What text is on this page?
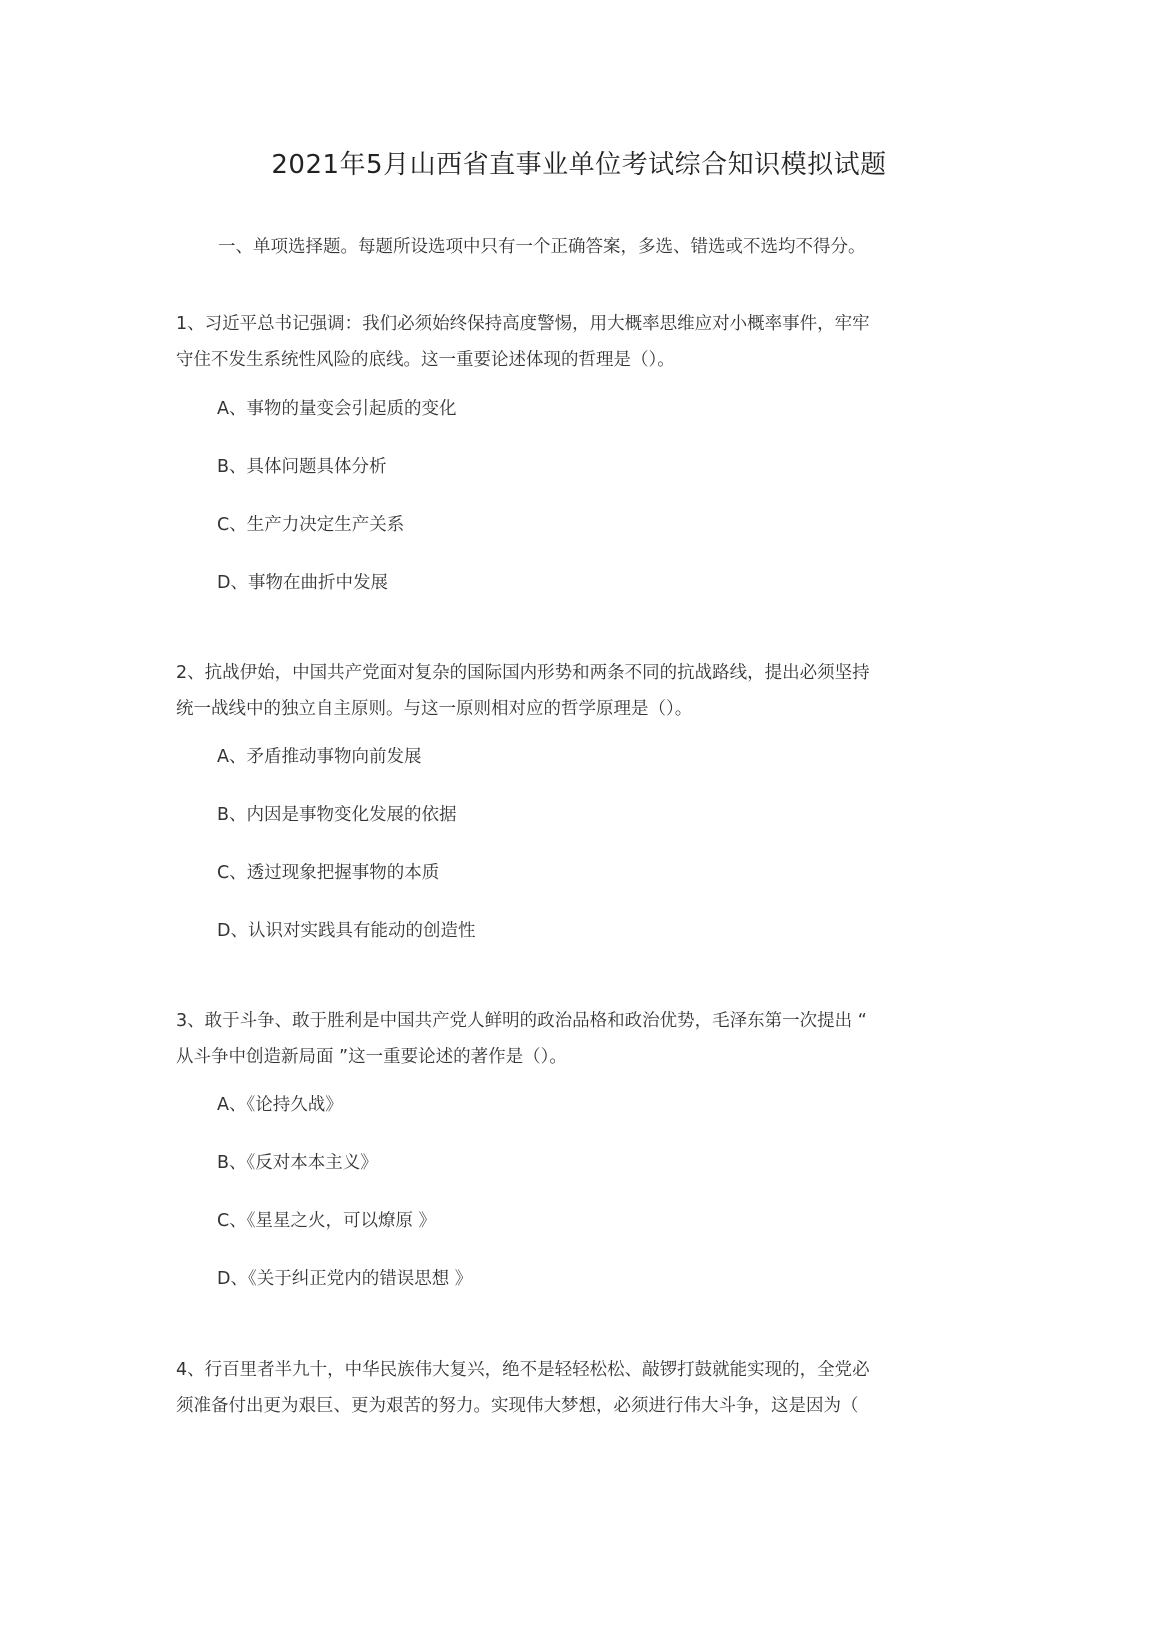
2021年5月山西省直事业单位考试综合知识模拟试题
一、单项选择题。每题所设选项中只有一个正确答案，多选、错选或不选均不得分。
1、习近平总书记强调：我们必须始终保持高度警惕，用大概率思维应对小概率事件，牢牢
守住不发生系统性风险的底线。这一重要论述体现的哲理是（）。
A、事物的量变会引起质的变化
B、具体问题具体分析
C、生产力决定生产关系
D、事物在曲折中发展
2、抗战伊始，中国共产党面对复杂的国际国内形势和两条不同的抗战路线，提出必须坚持
统一战线中的独立自主原则。与这一原则相对应的哲学原理是（）。
A、矛盾推动事物向前发展
B、内因是事物变化发展的依据
C、透过现象把握事物的本质
D、认识对实践具有能动的创造性
3、敢于斗争、敢于胜利是中国共产党人鲜明的政治品格和政治优势，毛泽东第一次提出 “
从斗争中创造新局面 ”这一重要论述的著作是（）。
A、《论持久战》
B、《反对本本主义》
C、《星星之火，可以燎原 》
D、《关于纠正党内的错误思想 》
4、行百里者半九十，中华民族伟大复兴，绝不是轻轻松松、敲锣打鼓就能实现的，全党必
须准备付出更为艰巨、更为艰苦的努力。实现伟大梦想，必须进行伟大斗争，这是因为（
